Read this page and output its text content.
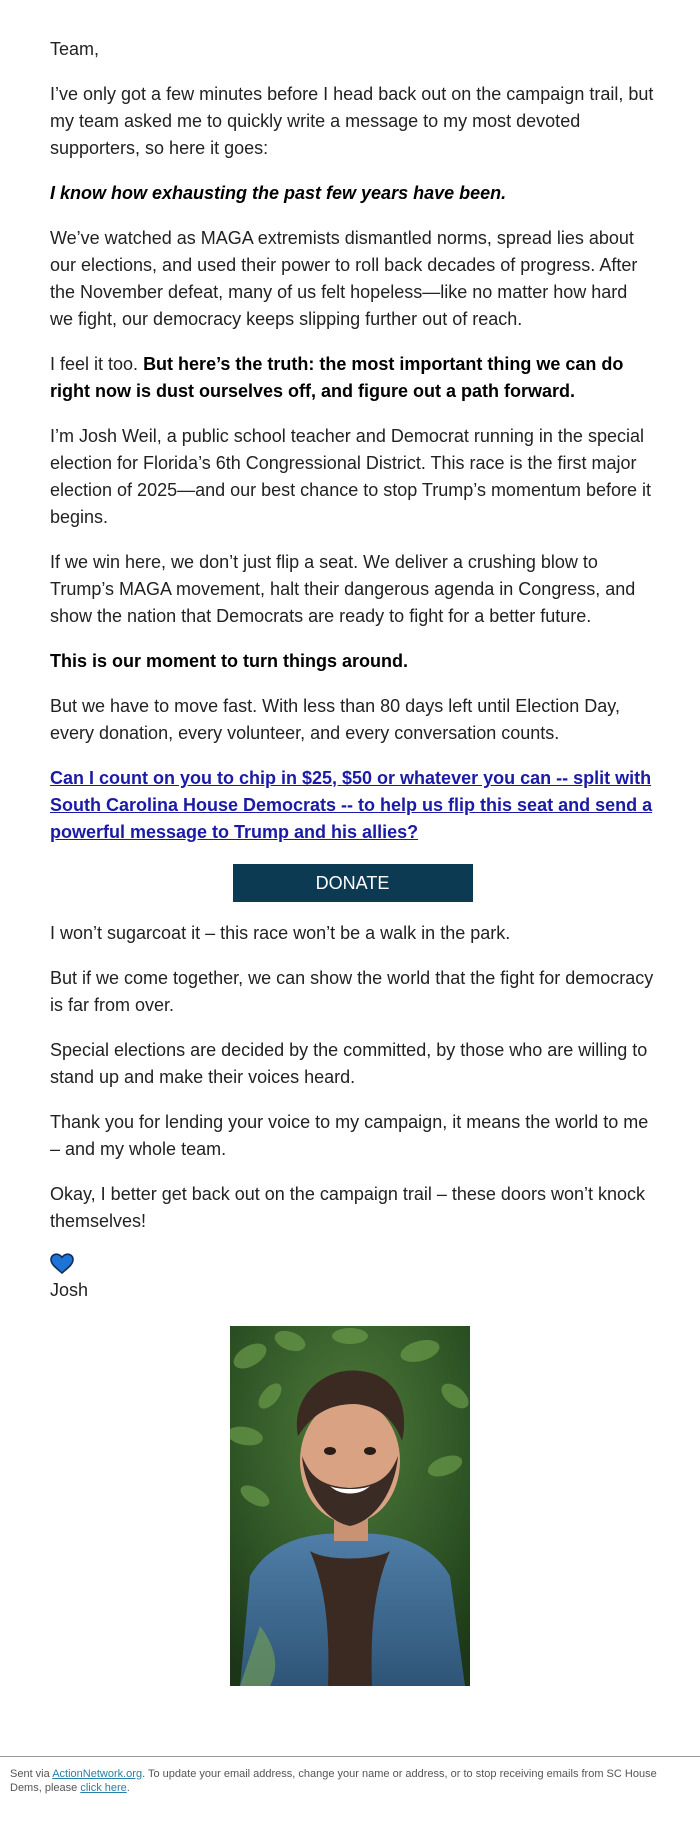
Team,

I’ve only got a few minutes before I head back out on the campaign trail, but my team asked me to quickly write a message to my most devoted supporters, so here it goes:

I know how exhausting the past few years have been.

We’ve watched as MAGA extremists dismantled norms, spread lies about our elections, and used their power to roll back decades of progress. After the November defeat, many of us felt hopeless—like no matter how hard we fight, our democracy keeps slipping further out of reach.

I feel it too. But here’s the truth: the most important thing we can do right now is dust ourselves off, and figure out a path forward.

I’m Josh Weil, a public school teacher and Democrat running in the special election for Florida’s 6th Congressional District. This race is the first major election of 2025—and our best chance to stop Trump’s momentum before it begins.

If we win here, we don’t just flip a seat. We deliver a crushing blow to Trump’s MAGA movement, halt their dangerous agenda in Congress, and show the nation that Democrats are ready to fight for a better future.

This is our moment to turn things around.

But we have to move fast. With less than 80 days left until Election Day, every donation, every volunteer, and every conversation counts.

Can I count on you to chip in $25, $50 or whatever you can -- split with South Carolina House Democrats -- to help us flip this seat and send a powerful message to Trump and his allies?

DONATE

I won’t sugarcoat it – this race won’t be a walk in the park.

But if we come together, we can show the world that the fight for democracy is far from over.

Special elections are decided by the committed, by those who are willing to stand up and make their voices heard.

Thank you for lending your voice to my campaign, it means the world to me – and my whole team.

Okay, I better get back out on the campaign trail – these doors won’t knock themselves!

Josh
Sent via ActionNetwork.org. To update your email address, change your name or address, or to stop receiving emails from SC House Dems, please click here.
